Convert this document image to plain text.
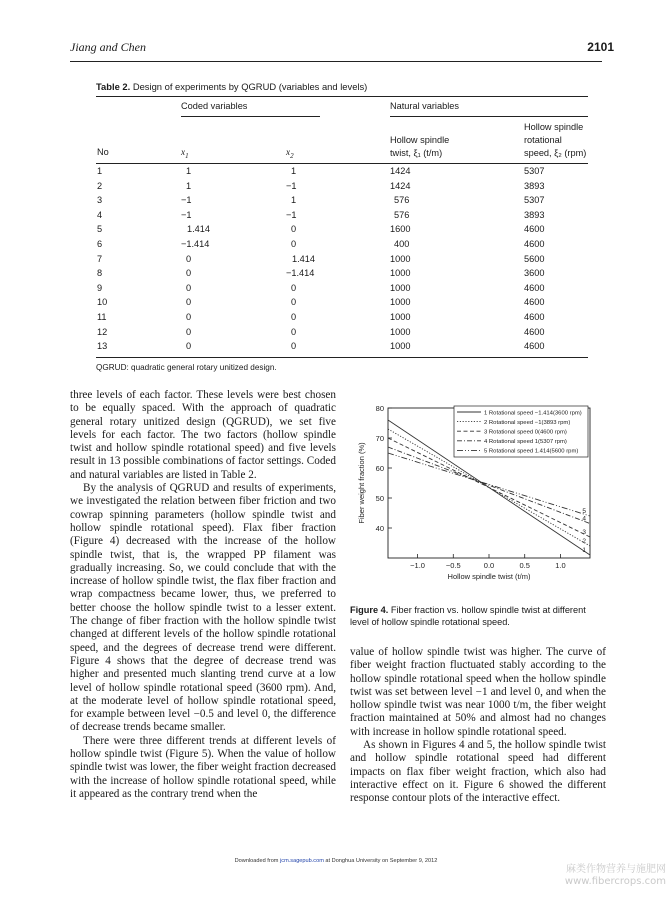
Jiang and Chen	2101
Table 2. Design of experiments by QGRUD (variables and levels)
Coded variables	Natural variables
No	$x_1$	$x_2$
Hollow spindle
twist, ξ₁ (t/m)
Hollow spindle
rotational
speed, ξ₂ (rpm)
1	1	1	1424	5307
2	1	−1	1424	3893
3	−1	1	576	5307
4	−1	−1	576	3893
5	1.414	0	1600	4600
6	−1.414	0	400	4600
7	0	1.414	1000	5600
8	0	−1.414	1000	3600
9	0	0	1000	4600
10	0	0	1000	4600
11	0	0	1000	4600
12	0	0	1000	4600
13	0	0	1000	4600
QGRUD: quadratic general rotary unitized design.

three levels of each factor. These levels were best chosen to be equally spaced. With the approach of quadratic general rotary unitized design (QGRUD), we set five levels for each factor. The two factors (hollow spindle twist and hollow spindle rotational speed) and five levels result in 13 possible combinations of factor settings. Coded and natural variables are listed in Table 2.

By the analysis of QGRUD and results of experiments, we investigated the relation between fiber friction and two cowrap spinning parameters (hollow spindle twist and hollow spindle rotational speed). Flax fiber fraction (Figure 4) decreased with the increase of the hollow spindle twist, that is, the wrapped PP filament was gradually increasing. So, we could conclude that with the increase of hollow spindle twist, the flax fiber fraction and wrap compactness became lower, thus, we preferred to better choose the hollow spindle twist to a lesser extent. The change of fiber fraction with the hollow spindle twist changed at different levels of the hollow spindle rotational speed, and the degrees of decrease trend were different. Figure 4 shows that the degree of decrease trend was higher and presented much slanting trend curve at a low level of hollow spindle rotational speed (3600 rpm). And, at the moderate level of hollow spindle rotational speed, for example between level −0.5 and level 0, the difference of decrease trends became smaller.

There were three different trends at different levels of hollow spindle twist (Figure 5). When the value of hollow spindle twist was lower, the fiber weight fraction decreased with the increase of hollow spindle rotational speed, while it appeared as the contrary trend when the

40
50
60
70
80
−1.0	−0.5	0.0	0.5	1.0
Hollow spindle twist (t/m)
Fiber weight fraction (%)
1
2
3
4
5
1 Rotational speed −1.414(3600 rpm)
2 Rotational speed −1(3893 rpm)
3 Rotational speed 0(4600 rpm)
4 Rotational speed 1(5307 rpm)
5 Rotational speed 1.414(5600 rpm)
Figure 4. Fiber fraction vs. hollow spindle twist at different level of hollow spindle rotational speed.

value of hollow spindle twist was higher. The curve of fiber weight fraction fluctuated stably according to the hollow spindle rotational speed when the hollow spindle twist was set between level −1 and level 0, and when the hollow spindle twist was near 1000 t/m, the fiber weight fraction maintained at 50% and almost had no changes with increase in hollow spindle rotational speed.

As shown in Figures 4 and 5, the hollow spindle twist and hollow spindle rotational speed had different impacts on flax fiber weight fraction, which also had interactive effect on it. Figure 6 showed the different response contour plots of the interactive effect.

Downloaded from jcm.sagepub.com at Donghua University on September 9, 2012
麻类作物营养与施肥网
www.fibercrops.com
